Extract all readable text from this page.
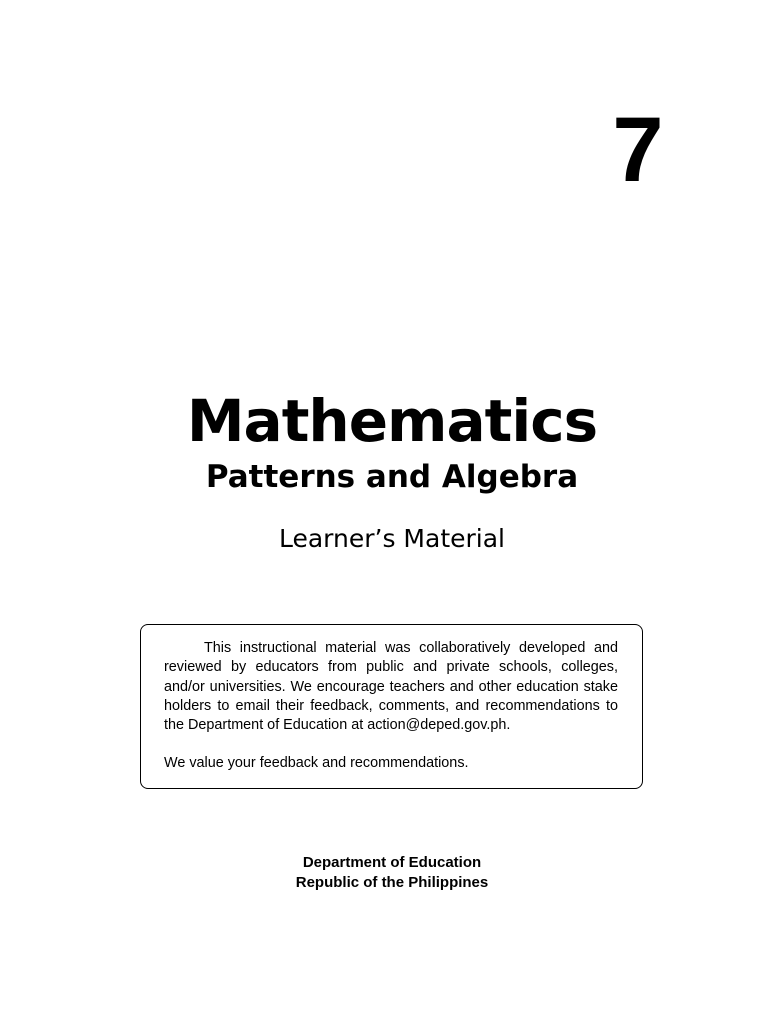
7
Mathematics
Patterns and Algebra
Learner’s Material

This instructional material was collaboratively developed and reviewed by educators from public and private schools, colleges, and/or universities. We encourage teachers and other education stake holders to email their feedback, comments, and recommendations to the Department of Education at action@deped.gov.ph.

We value your feedback and recommendations.

Department of Education
Republic of the Philippines
